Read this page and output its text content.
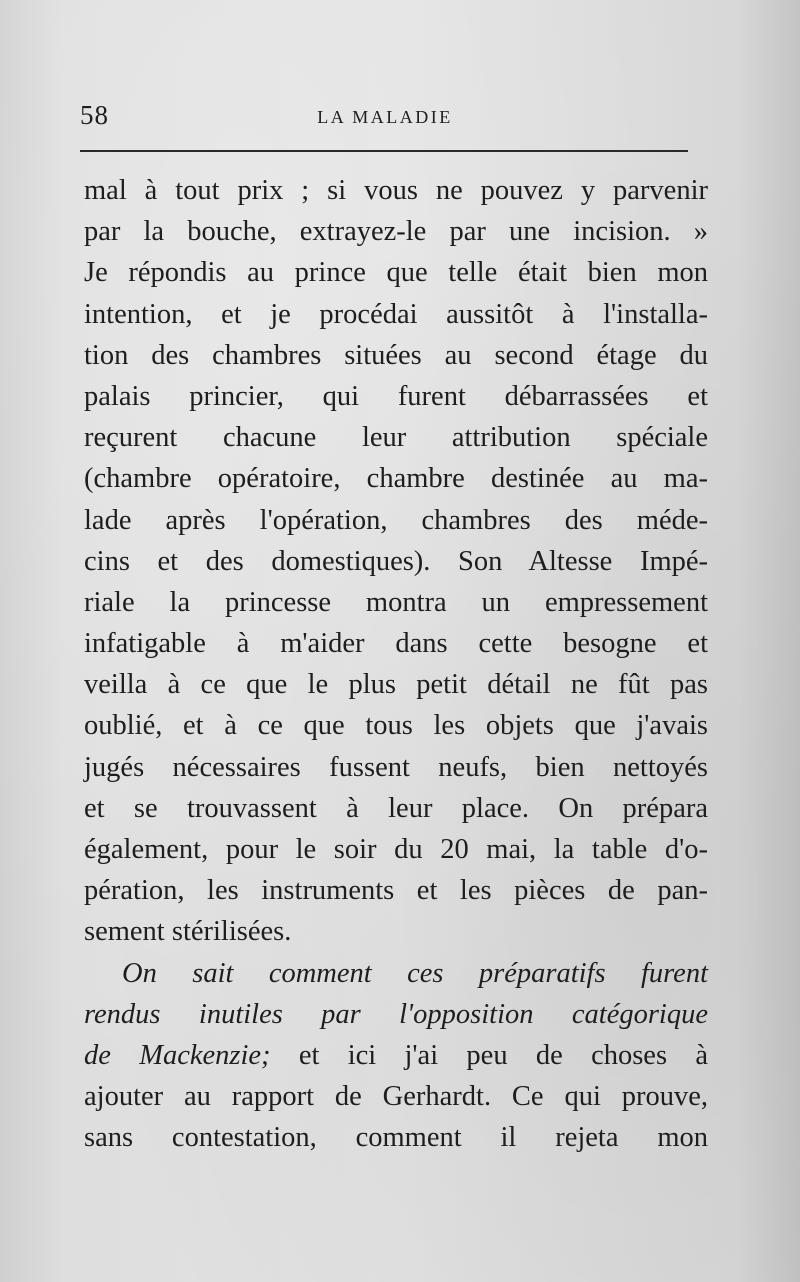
58	LA MALADIE
mal à tout prix ; si vous ne pouvez y parvenir
par la bouche, extrayez-le par une incision. »
Je répondis au prince que telle était bien mon
intention, et je procédai aussitôt à l'installa-
tion des chambres situées au second étage du
palais princier, qui furent débarrassées et
reçurent chacune leur attribution spéciale
(chambre opératoire, chambre destinée au ma-
lade après l'opération, chambres des méde-
cins et des domestiques). Son Altesse Impé-
riale la princesse montra un empressement
infatigable à m'aider dans cette besogne et
veilla à ce que le plus petit détail ne fût pas
oublié, et à ce que tous les objets que j'avais
jugés nécessaires fussent neufs, bien nettoyés
et se trouvassent à leur place. On prépara
également, pour le soir du 20 mai, la table d'o-
pération, les instruments et les pièces de pan-
sement stérilisées.
On sait comment ces préparatifs furent
rendus inutiles par l'opposition catégorique
de Mackenzie; et ici j'ai peu de choses à
ajouter au rapport de Gerhardt. Ce qui prouve,
sans contestation, comment il rejeta mon
